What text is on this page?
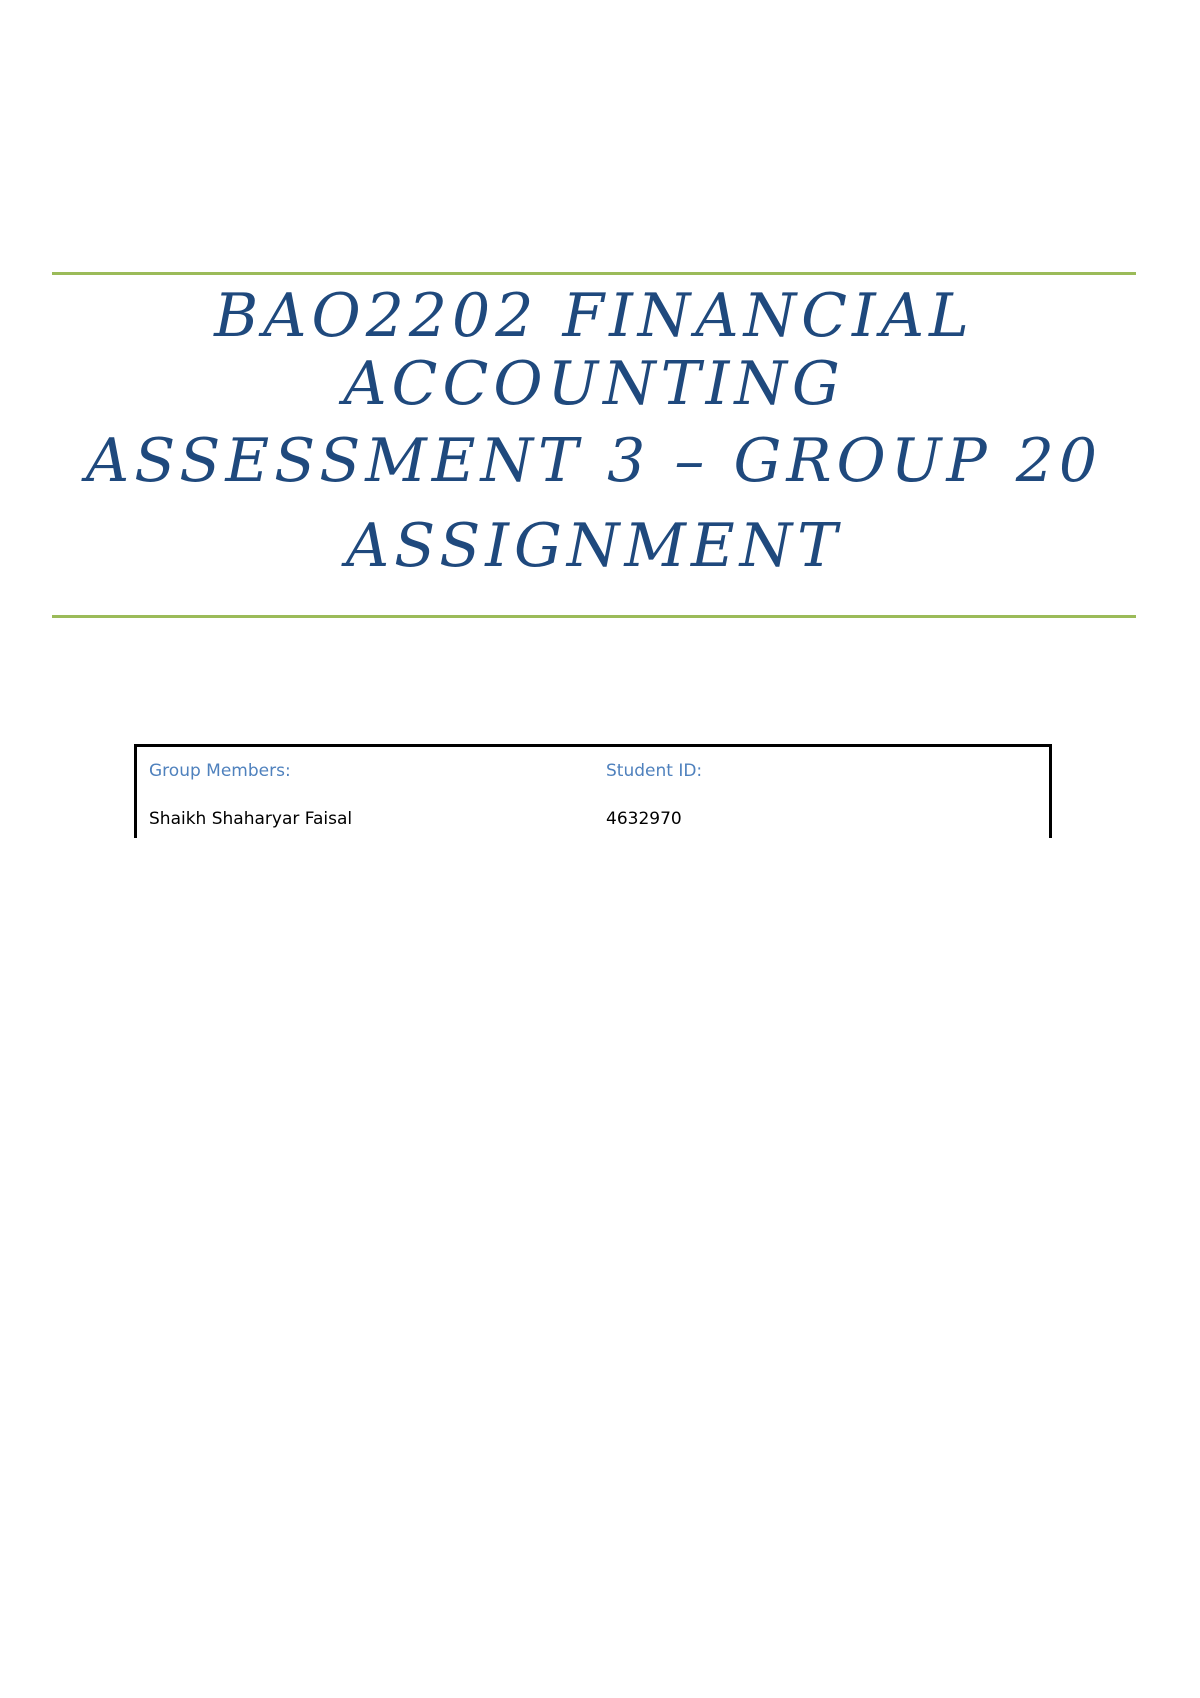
BAO2202 FINANCIAL
ACCOUNTING
ASSESSMENT 3 – GROUP 20
ASSIGNMENT
Group Members:	Student ID:
Shaikh Shaharyar Faisal	4632970
